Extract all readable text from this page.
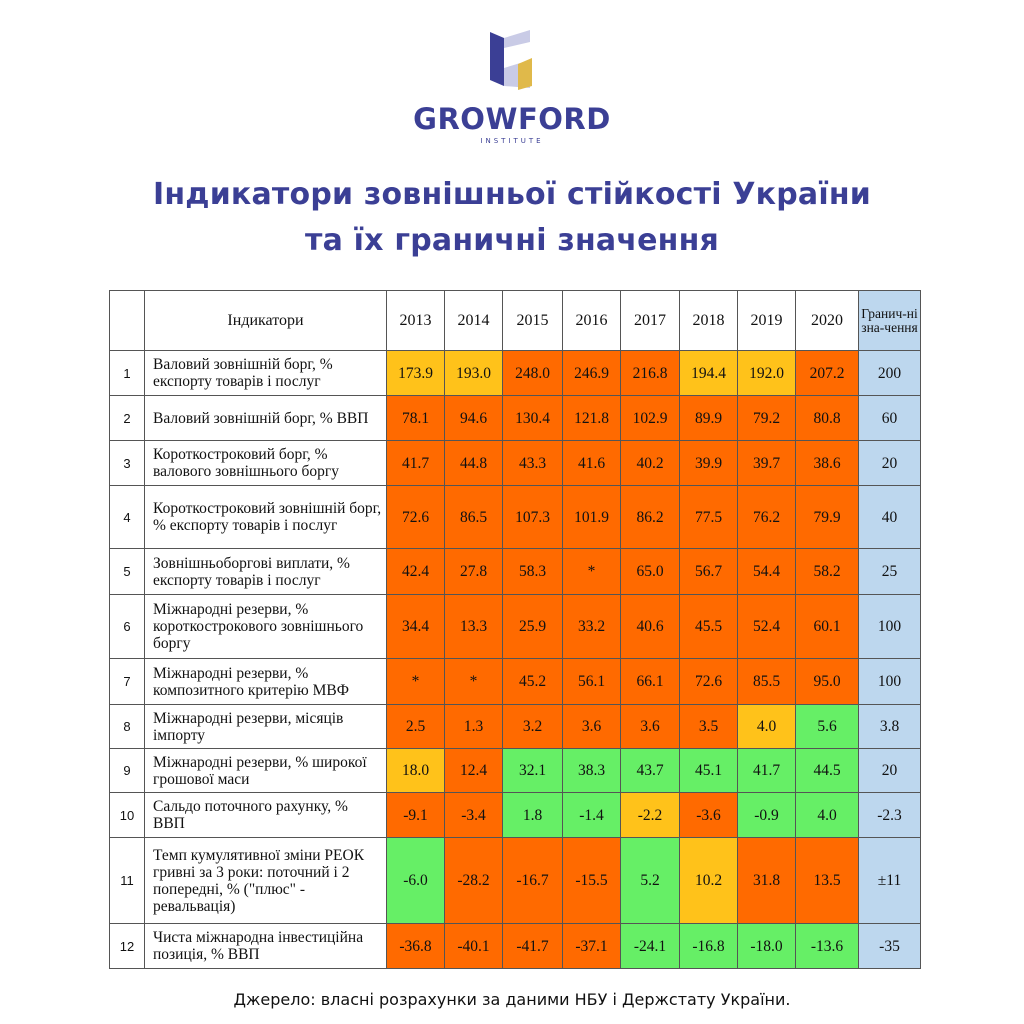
GROWFORD
INSTITUTE
Індикатори зовнішньої стійкості України
та їх граничні значення
	Індикатори	2013	2014	2015	2016	2017	2018	2019	2020	Гранич-ні зна-чення
1	Валовий зовнішній борг, % експорту товарів і послуг	173.9	193.0	248.0	246.9	216.8	194.4	192.0	207.2	200
2	Валовий зовнішній борг, % ВВП	78.1	94.6	130.4	121.8	102.9	89.9	79.2	80.8	60
3	Короткостроковий борг, % валового зовнішнього боргу	41.7	44.8	43.3	41.6	40.2	39.9	39.7	38.6	20
4	Короткостроковий зовнішній борг, % експорту товарів і послуг	72.6	86.5	107.3	101.9	86.2	77.5	76.2	79.9	40
5	Зовнішньоборгові виплати, % експорту товарів і послуг	42.4	27.8	58.3	*	65.0	56.7	54.4	58.2	25
6	Міжнародні резерви, % короткострокового зовнішнього боргу	34.4	13.3	25.9	33.2	40.6	45.5	52.4	60.1	100
7	Міжнародні резерви, % композитного критерію МВФ	*	*	45.2	56.1	66.1	72.6	85.5	95.0	100
8	Міжнародні резерви, місяців імпорту	2.5	1.3	3.2	3.6	3.6	3.5	4.0	5.6	3.8
9	Міжнародні резерви, % широкої грошової маси	18.0	12.4	32.1	38.3	43.7	45.1	41.7	44.5	20
10	Сальдо поточного рахунку, % ВВП	-9.1	-3.4	1.8	-1.4	-2.2	-3.6	-0.9	4.0	-2.3
11	Темп кумулятивної зміни РЕОК гривні за 3 роки: поточний і 2 попередні, % ("плюс" - ревальвація)	-6.0	-28.2	-16.7	-15.5	5.2	10.2	31.8	13.5	±11
12	Чиста міжнародна інвестиційна позиція, % ВВП	-36.8	-40.1	-41.7	-37.1	-24.1	-16.8	-18.0	-13.6	-35
Джерело: власні розрахунки за даними НБУ і Держстату України.
